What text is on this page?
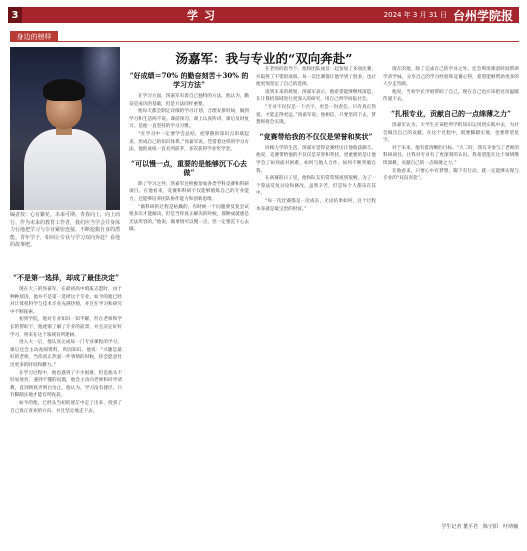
3	学习	2024 年 3 月 31 日 台州学院报
身边的榜样
编者按：心有繁花，未来可期。青春向上，向上而行。作为未来的教育工作者，我们应当学会并身体力行地把学习与专业紧密连接，不断挖掘自身的潜能。青年学子，如何让专业与学习双向奔赴？看他的故事吧。
汤嘉军：我与专业的“双向奔赴”
“不是第一选择，却成了最佳决定”

现在大三的汤嘉军，在最初高中填报志愿时，由于种种原因，他并不是第一选择这个专业，如今的他已经对计算机科学与技术专业充满热情，并且在学习和研究中不断探索。

初到学院，他对专业知识一知半解，但在老师和学长的帮助下，他逐渐了解了专业的前景，并且决定好好学习，将来在这个领域有所建树。

进入大一后，他认真完成每一门专业课程的学习，课后还会主动查阅资料、巩固知识。他说：“兴趣是最好的老师，当你真正热爱一件事情的时候，你会愿意付出更多的时间和精力。”

在学习过程中，他也遇到了不少困难，但是他从不轻易放弃。遇到不懂的问题，他会主动向老师和同学请教，直到彻底弄明白为止。他认为，学习没有捷径，只有脚踏实地才能有所收获。

如今的他，已经从当初的迷茫中走了出来，找到了自己真正喜欢的方向，并且坚定地走下去。

“好成绩＝70% 的勤奋刻苦＋30% 的学习方法”

在学习方面，汤嘉军有着自己独特的方法。他认为，勤奋是成功的基础，但是方法同样重要。

他每天都会制定详细的学习计划，合理安排时间，做到学习和生活两不误。课前预习、课上认真听讲、课后及时复习，是他一直坚持的学习习惯。

“在学习中一定要学会总结，把零散的知识点串联起来，形成自己的知识体系。”汤嘉军说。凭借着这样的学习方法，他的成绩一直名列前茅，多次获得学业奖学金。

“可以慢一点，重要的是能够沉下心去做”

除了学习之外，汤嘉军还积极参加各类学科竞赛和科研项目。在他看来，竞赛和科研不仅能够锻炼自己的专业能力，还能够培养团队协作能力和创新思维。

“做科研的过程是枯燥的，有时候一个问题要反复尝试很多次才能解决，但是当你真正解决的时候，那种成就感是无法形容的。”他说，做事情可以慢一点，但一定要沉下心去做。

在老师的指导下，他和团队成员一起参加了多项比赛，并取得了不错的成绩。每一次比赛都让他学到了很多，也让他更加坚定了自己的选择。

谈到未来的规划，汤嘉军表示，他希望能够继续深造，在计算机领域进行更深入的研究，用自己所学回报社会。

“专业不仅仅是一个名字，更是一份责任。只有真正热爱，才能走得更远。”汤嘉军说。他相信，只要坚持下去，梦想终将会实现。

“竞赛带给我的不仅仅是荣誉和奖状”

回顾大学的生活，汤嘉军觉得竞赛经历让他收获颇丰。他说，竞赛带给他的不仅仅是荣誉和奖状，更重要的是让他学会了如何面对困难、如何与他人合作、如何不断突破自我。

在备赛的日子里，他和队友们常常熬夜到很晚，为了一个算法反复讨论和修改。虽然辛苦，但是每个人都乐在其中。

“每一次比赛都是一次成长，无论结果如何，这个过程本身就是最宝贵的财富。”

现在的他，除了完成自己的学业之外，还会利用课余时间帮助学弟学妹，分享自己的学习经验和竞赛心得，希望能够帮助更多的人少走弯路。

他说，当初学长学姐帮助了自己，现在自己也应该把这份温暖传递下去。

“扎根专业，贡献自己的一点绵薄之力”

汤嘉军认为，大学生应该把所学的知识运用到实践中去，为社会做出自己的贡献。在这个过程中，既要脚踏实地，也要仰望星空。

对于未来，他有着清晰的目标。“大二时，我有幸参与了老师的科研项目，让我对专业有了更深刻的认识。我希望能在这个领域继续深耕，贡献自己的一点绵薄之力。”

在他看来，只要心中有梦想，脚下有行动，就一定能够实现与专业的“双向奔赴”。

学生记者 董平君　陈宇阳　叶靖楠
